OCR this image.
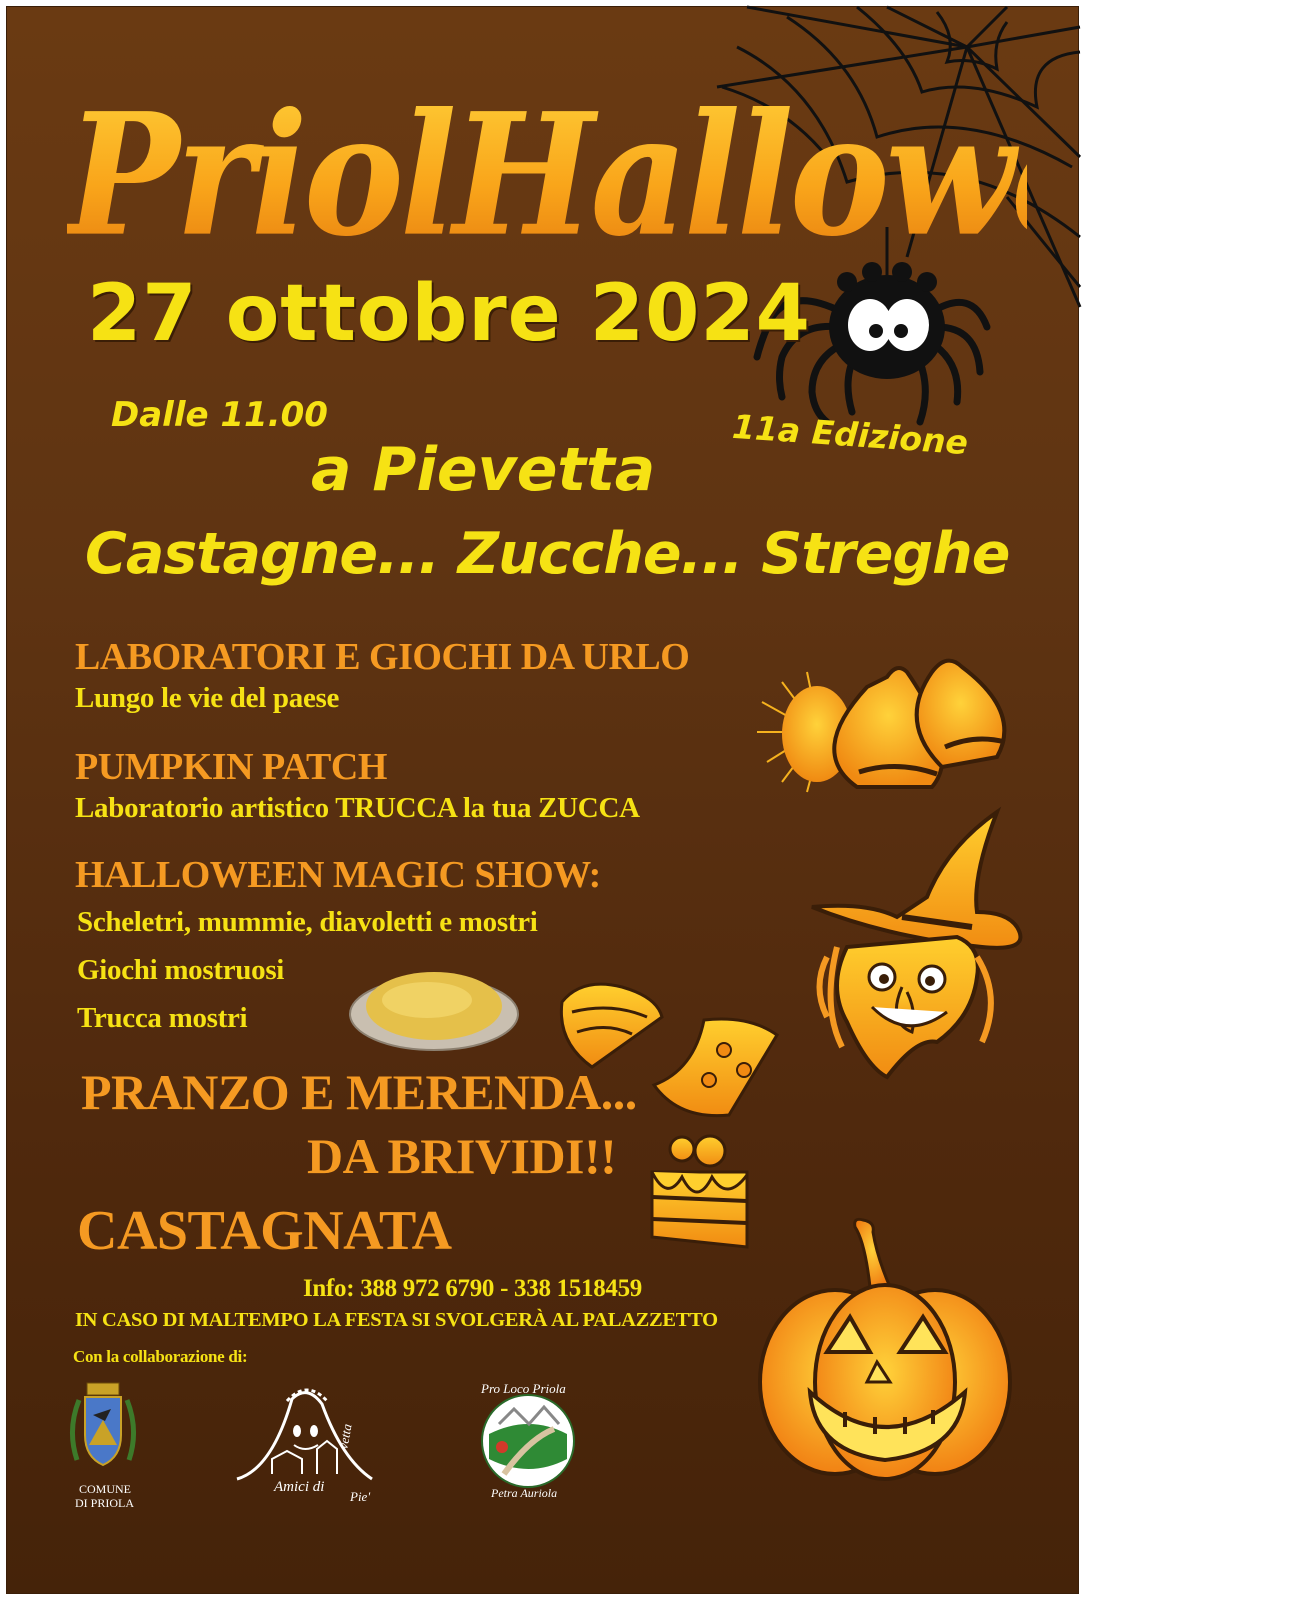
PriolHalloween
27 ottobre 2024
Dalle 11.00	11a Edizione
a Pievetta
Castagne... Zucche... Streghe
LABORATORI E GIOCHI DA URLO
Lungo le vie del paese
PUMPKIN PATCH
Laboratorio artistico TRUCCA la tua ZUCCA
HALLOWEEN MAGIC SHOW:
Scheletri, mummie, diavoletti e mostri
Giochi mostruosi
Trucca mostri
PRANZO E MERENDA...
DA BRIVIDI!!
CASTAGNATA
Info: 388 972 6790 - 338 1518459
IN CASO DI MALTEMPO LA FESTA SI SVOLGERÀ AL PALAZZETTO
Con la collaborazione di:
COMUNE
DI PRIOLA
Amici di
Pie'
vetta
Pro Loco Priola
Petra Auriola
